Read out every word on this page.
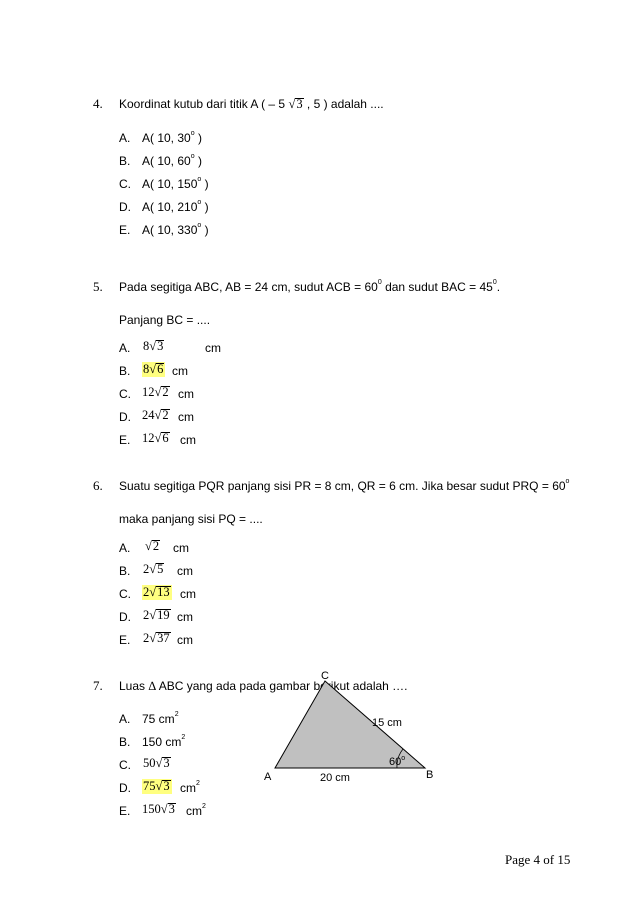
4. Koordinat kutub dari titik A ( – 5 √3 , 5 ) adalah ....
A. A( 10, 30$^o$ )
B. A( 10, 60$^o$ )
C. A( 10, 150$^o$ )
D. A( 10, 210$^o$ )
E. A( 10, 330$^o$ )
5. Pada segitiga ABC, AB = 24 cm, sudut ACB = $60^0$ dan sudut BAC = $45^0$.
Panjang BC = ....
A. 8√3	cm
B. 8√6 cm
C. 12√2 cm
D. 24√2 cm
E. 12√6 cm
6. Suatu segitiga PQR panjang sisi PR = 8 cm, QR = 6 cm. Jika besar sudut PRQ = $60^o$
maka panjang sisi PQ = ....
A. √2 cm
B. 2√5 cm
C. 2√13 cm
D. 2√19 cm
E. 2√37 cm
7. Luas ∆ ABC yang ada pada gambar berikut adalah ….
A. 75 $cm^2$
B. 150 $cm^2$
C. 50√3
D. 75√3 $cm^2$
E. 150√3 $cm^2$
60$^o$
15 cm
20 cm
A	B
C
Page 4 of 15
